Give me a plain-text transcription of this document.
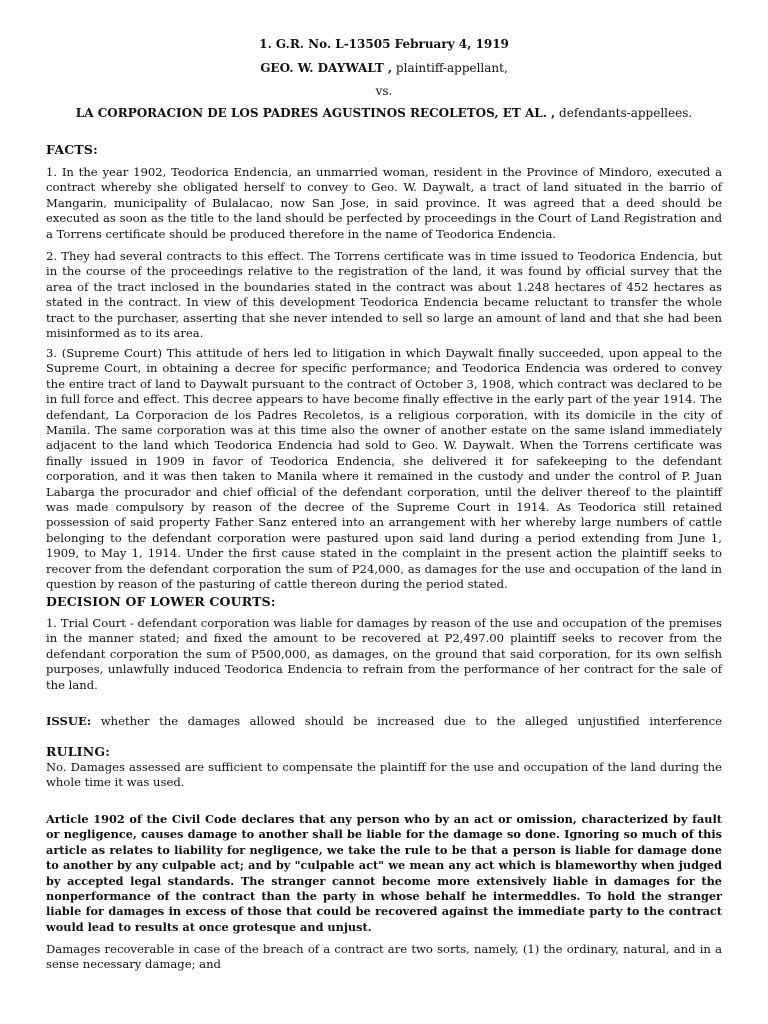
1. G.R. No. L-13505 February 4, 1919
GEO. W. DAYWALT , plaintiff-appellant,
vs.
LA CORPORACION DE LOS PADRES AGUSTINOS RECOLETOS, ET AL. , defendants-appellees.
FACTS:
1. In the year 1902, Teodorica Endencia, an unmarried woman, resident in the Province of Mindoro, executed a contract whereby she obligated herself to convey to Geo. W. Daywalt, a tract of land situated in the barrio of Mangarin, municipality of Bulalacao, now San Jose, in said province. It was agreed that a deed should be executed as soon as the title to the land should be perfected by proceedings in the Court of Land Registration and a Torrens certificate should be produced therefore in the name of Teodorica Endencia.
2. They had several contracts to this effect. The Torrens certificate was in time issued to Teodorica Endencia, but in the course of the proceedings relative to the registration of the land, it was found by official survey that the area of the tract inclosed in the boundaries stated in the contract was about 1.248 hectares of 452 hectares as stated in the contract. In view of this development Teodorica Endencia became reluctant to transfer the whole tract to the purchaser, asserting that she never intended to sell so large an amount of land and that she had been misinformed as to its area.
3. (Supreme Court) This attitude of hers led to litigation in which Daywalt finally succeeded, upon appeal to the Supreme Court, in obtaining a decree for specific performance; and Teodorica Endencia was ordered to convey the entire tract of land to Daywalt pursuant to the contract of October 3, 1908, which contract was declared to be in full force and effect. This decree appears to have become finally effective in the early part of the year 1914. The defendant, La Corporacion de los Padres Recoletos, is a religious corporation, with its domicile in the city of Manila. The same corporation was at this time also the owner of another estate on the same island immediately adjacent to the land which Teodorica Endencia had sold to Geo. W. Daywalt. When the Torrens certificate was finally issued in 1909 in favor of Teodorica Endencia, she delivered it for safekeeping to the defendant corporation, and it was then taken to Manila where it remained in the custody and under the control of P. Juan Labarga the procurador and chief official of the defendant corporation, until the deliver thereof to the plaintiff was made compulsory by reason of the decree of the Supreme Court in 1914. As Teodorica still retained possession of said property Father Sanz entered into an arrangement with her whereby large numbers of cattle belonging to the defendant corporation were pastured upon said land during a period extending from June 1, 1909, to May 1, 1914. Under the first cause stated in the complaint in the present action the plaintiff seeks to recover from the defendant corporation the sum of P24,000, as damages for the use and occupation of the land in question by reason of the pasturing of cattle thereon during the period stated.
DECISION OF LOWER COURTS:
1. Trial Court - defendant corporation was liable for damages by reason of the use and occupation of the premises in the manner stated; and fixed the amount to be recovered at P2,497.00 plaintiff seeks to recover from the defendant corporation the sum of P500,000, as damages, on the ground that said corporation, for its own selfish purposes, unlawfully induced Teodorica Endencia to refrain from the performance of her contract for the sale of the land.
ISSUE: whether the damages allowed should be increased due to the alleged unjustified interference
RULING:
No. Damages assessed are sufficient to compensate the plaintiff for the use and occupation of the land during the whole time it was used.
Article 1902 of the Civil Code declares that any person who by an act or omission, characterized by fault or negligence, causes damage to another shall be liable for the damage so done. Ignoring so much of this article as relates to liability for negligence, we take the rule to be that a person is liable for damage done to another by any culpable act; and by "culpable act" we mean any act which is blameworthy when judged by accepted legal standards. The stranger cannot become more extensively liable in damages for the nonperformance of the contract than the party in whose behalf he intermeddles. To hold the stranger liable for damages in excess of those that could be recovered against the immediate party to the contract would lead to results at once grotesque and unjust.
Damages recoverable in case of the breach of a contract are two sorts, namely, (1) the ordinary, natural, and in a sense necessary damage; and
